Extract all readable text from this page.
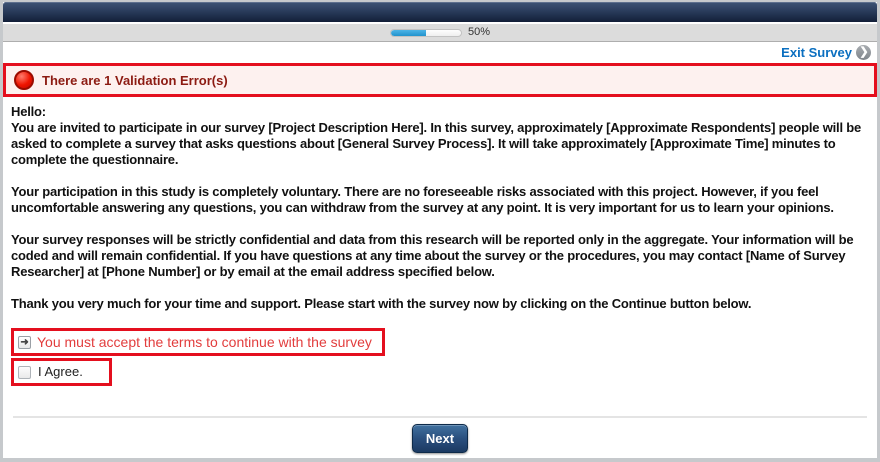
50%
Exit Survey ❯
There are 1 Validation Error(s)

Hello:
You are invited to participate in our survey [Project Description Here]. In this survey, approximately [Approximate Respondents] people will be asked to complete a survey that asks questions about [General Survey Process]. It will take approximately [Approximate Time] minutes to complete the questionnaire.

Your participation in this study is completely voluntary. There are no foreseeable risks associated with this project. However, if you feel uncomfortable answering any questions, you can withdraw from the survey at any point. It is very important for us to learn your opinions.

Your survey responses will be strictly confidential and data from this research will be reported only in the aggregate. Your information will be coded and will remain confidential. If you have questions at any time about the survey or the procedures, you may contact [Name of Survey Researcher] at [Phone Number] or by email at the email address specified below.

Thank you very much for your time and support. Please start with the survey now by clicking on the Continue button below.

➜ You must accept the terms to continue with the survey
I Agree.
Next
